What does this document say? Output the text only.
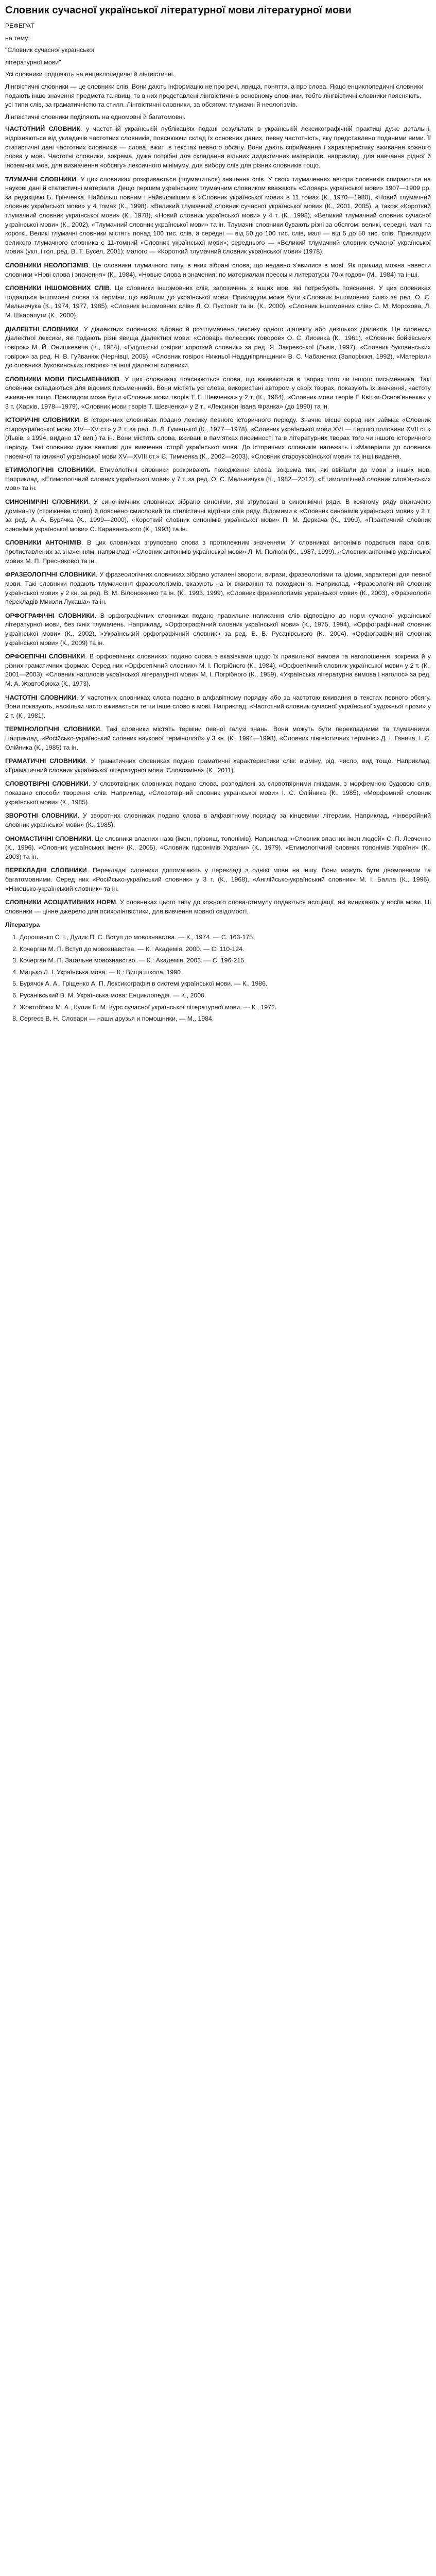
Словник сучасної української літературної мови літературної мови
РЕФЕРАТ
на тему:
"Словник сучасної української
літературної мови"

Усі словники поділяють на енциклопедичні й лінгвістичні.

Лінгвістичні словники — це словники слів. Вони дають інформацію не про речі, явища, поняття, а про слова. Якщо енциклопедичні словники подають інше значення предмета та явищ, то в них представлені лінгвістичні в основному словники, тобто лінгвістичні словники поясняють, усі типи слів, за граматичністю та стиля. Лінгвістичні словники, за обсягом: тлумачні й неологізмів.

Лінгвістичні словники поділяють на одномовні й багатомовні.

ЧАСТОТНИЙ СЛОВНИК: у частотній українській публікаціях подані результати в українській лексикографічній практиці дуже детальні, відрізняються від укладачів частотних словників, пояснюючи склад їх основних даних, певну частотність, яку представлено поданими ними. Її статистичні дані частотних словників — слова, вжиті в текстах певного обсягу. Вони дають сприймання і характеристику вживання кожного слова у мові. Частотні словники, зокрема, дуже потрібні для складання вільних дидактичних матеріалів, наприклад, для навчання рідної й іноземних мов, для визначення «обсягу» лексичного мінімуму, для вибору слів для різних словників тощо.

ТЛУМАЧНІ СЛОВНИКИ. У цих словниках розкривається (тлумачиться) значення слів. У своїх тлумаченнях автори словників спираються на наукові дані й статистичні матеріали. Дещо першим українським тлумачним словником вважають «Словарь української мови» 1907—1909 рр. за редакцією Б. Грінченка. Найбільш повним і найвідомішим є «Словник української мови» в 11 томах (К., 1970—1980), «Новий тлумачний словник української мови» у 4 томах (К., 1998). «Великий тлумачний словник сучасної української мови» (К., 2001, 2005), а також «Короткий тлумачний словник української мови» (К., 1978), «Новий словник української мови» у 4 т. (К., 1998), «Великий тлумачний словник сучасної української мови» (К., 2002), «Тлумачний словник української мови» та ін. Тлумачні словники бувають різні за обсягом: великі, середні, малі та короткі. Великі тлумачні словники містять понад 100 тис. слів, а середні — від 50 до 100 тис. слів, малі — від 5 до 50 тис. слів. Прикладом великого тлумачного словника є 11-томний «Словник української мови»; середнього — «Великий тлумачний словник сучасної української мови» (укл. і гол. ред. В. Т. Бусел, 2001); малого — «Короткий тлумачний словник української мови» (1978).

СЛОВНИКИ НЕОЛОГІЗМІВ. Це словники тлумачного типу, в яких зібрані слова, що недавно з'явилися в мові. Як приклад можна навести словники «Нові слова і значення» (К., 1984), «Новые слова и значения: по материалам прессы и литературы 70-х годов» (М., 1984) та інші.

СЛОВНИКИ ІНШОМОВНИХ СЛІВ. Це словники іншомовних слів, запозичень з інших мов, які потребують пояснення. У цих словниках подаються іншомовні слова та терміни, що ввійшли до української мови. Прикладом може бути «Словник іншомовних слів» за ред. О. С. Мельничука (К., 1974, 1977, 1985), «Словник іншомовних слів» Л. О. Пустовіт та ін. (К., 2000), «Словник іншомовних слів» С. М. Морозова, Л. М. Шкарапути (К., 2000).

ДІАЛЕКТНІ СЛОВНИКИ. У діалектних словниках зібрано й розтлумачено лексику одного діалекту або декількох діалектів. Це словники діалектної лексики, які подають різні явища діалектної мови: «Словарь полесских говоров» О. С. Лисенка (К., 1961), «Словник бойківських говірок» М. Й. Онишкевича (К., 1984), «Гуцульські говірки: короткий словник» за ред. Я. Закревської (Львів, 1997), «Словник буковинських говірок» за ред. Н. В. Гуйванюк (Чернівці, 2005), «Словник говірок Нижньої Наддніпрянщини» В. С. Чабаненка (Запоріжжя, 1992), «Матеріали до словника буковинських говірок» та інші діалектні словники.

СЛОВНИКИ МОВИ ПИСЬМЕННИКІВ. У цих словниках пояснюються слова, що вживаються в творах того чи іншого письменника. Такі словники складаються для відомих письменників. Вони містять усі слова, використані автором у своїх творах, показують їх значення, частоту вживання тощо. Прикладом може бути «Словник мови творів Т. Г. Шевченка» у 2 т. (К., 1964), «Словник мови творів Г. Квітки-Основ'яненка» у 3 т. (Харків, 1978—1979), «Словник мови творів Т. Шевченка» у 2 т., «Лексикон Івана Франка» (до 1990) та ін.

ІСТОРИЧНІ СЛОВНИКИ. В історичних словниках подано лексику певного історичного періоду. Значне місце серед них займає «Словник староукраїнської мови XIV—XV ст.» у 2 т. за ред. Л. Л. Гумецької (К., 1977—1978), «Словник української мови XVI — першої половини XVII ст.» (Львів, з 1994, видано 17 вип.) та ін. Вони містять слова, вживані в пам'ятках писемності та в літературних творах того чи іншого історичного періоду. Такі словники дуже важливі для вивчення історії української мови. До історичних словників належать і «Матеріали до словника писемної та книжної української мови XV—XVIII ст.» Є. Тимченка (К., 2002—2003), «Словник староукраїнської мови» та інші видання.

ЕТИМОЛОГІЧНІ СЛОВНИКИ. Етимологічні словники розкривають походження слова, зокрема тих, які ввійшли до мови з інших мов. Наприклад, «Етимологічний словник української мови» у 7 т. за ред. О. С. Мельничука (К., 1982—2012), «Етимологічний словник слов'янських мов» та ін.

СИНОНІМІЧНІ СЛОВНИКИ. У синонімічних словниках зібрано синоніми, які згруповані в синонімічні ряди. В кожному ряду визначено домінанту (стрижневе слово) й пояснено смисловий та стилістичні відтінки слів ряду. Відомими є «Словник синонімів української мови» у 2 т. за ред. А. А. Бурячка (К., 1999—2000), «Короткий словник синонімів української мови» П. М. Деркача (К., 1960), «Практичний словник синонімів української мови» С. Караванського (К., 1993) та ін.

СЛОВНИКИ АНТОНІМІВ. В цих словниках згруповано слова з протилежним значенням. У словниках антонімів подається пара слів, протиставлених за значенням, наприклад: «Словник антонімів української мови» Л. М. Полюги (К., 1987, 1999), «Словник антонімів української мови» М. П. Преснякової та ін.

ФРАЗЕОЛОГІЧНІ СЛОВНИКИ. У фразеологічних словниках зібрано усталені звороти, вирази, фразеологізми та ідіоми, характерні для певної мови. Такі словники подають тлумачення фразеологізмів, вказують на їх вживання та походження. Наприклад, «Фразеологічний словник української мови» у 2 кн. за ред. В. М. Білоноженко та ін. (К., 1993, 1999), «Словник фразеологізмів української мови» (К., 2003), «Фразеологія перекладів Миколи Лукаша» та ін.

ОРФОГРАФІЧНІ СЛОВНИКИ. В орфографічних словниках подано правильне написання слів відповідно до норм сучасної української літературної мови, без їхніх тлумачень. Наприклад, «Орфографічний словник української мови» (К., 1975, 1994), «Орфографічний словник української мови» (К., 2002), «Український орфографічний словник» за ред. В. В. Русанівського (К., 2004), «Орфографічний словник української мови» (К., 2009) та ін.

ОРФОЕПІЧНІ СЛОВНИКИ. В орфоепічних словниках подано слова з вказівками щодо їх правильної вимови та наголошення, зокрема й у різних граматичних формах. Серед них «Орфоепічний словник» М. І. Погрібного (К., 1984), «Орфоепічний словник української мови» у 2 т. (К., 2001—2003), «Словник наголосів української літературної мови» М. І. Погрібного (К., 1959), «Українська літературна вимова і наголос» за ред. М. А. Жовтобрюха (К., 1973).

ЧАСТОТНІ СЛОВНИКИ. У частотних словниках слова подано в алфавітному порядку або за частотою вживання в текстах певного обсягу. Вони показують, наскільки часто вживається те чи інше слово в мові. Наприклад, «Частотний словник сучасної української художньої прози» у 2 т. (К., 1981).

ТЕРМІНОЛОГІЧНІ СЛОВНИКИ. Такі словники містять терміни певної галузі знань. Вони можуть бути перекладними та тлумачними. Наприклад, «Російсько-український словник наукової термінології» у 3 кн. (К., 1994—1998), «Словник лінгвістичних термінів» Д. І. Ганича, І. С. Олійника (К., 1985) та ін.

ГРАМАТИЧНІ СЛОВНИКИ. У граматичних словниках подано граматичні характеристики слів: відміну, рід, число, вид тощо. Наприклад, «Граматичний словник української літературної мови. Словозміна» (К., 2011).

СЛОВОТВІРНІ СЛОВНИКИ. У словотвірних словниках подано слова, розподілені за словотвірними гніздами, з морфемною будовою слів, показано способи творення слів. Наприклад, «Словотвірний словник української мови» І. С. Олійника (К., 1985), «Морфемний словник української мови» (К., 1985).

ЗВОРОТНІ СЛОВНИКИ. У зворотних словниках подано слова в алфавітному порядку за кінцевими літерами. Наприклад, «Інверсійний словник української мови» (К., 1985).

ОНОМАСТИЧНІ СЛОВНИКИ. Це словники власних назв (імен, прізвищ, топонімів). Наприклад, «Словник власних імен людей» С. П. Левченко (К., 1996), «Словник українських імен» (К., 2005), «Словник гідронімів України» (К., 1979), «Етимологічний словник топонімів України» (К., 2003) та ін.

ПЕРЕКЛАДНІ СЛОВНИКИ. Перекладні словники допомагають у перекладі з однієї мови на іншу. Вони можуть бути двомовними та багатомовними. Серед них «Російсько-український словник» у 3 т. (К., 1968), «Англійсько-український словник» М. І. Балла (К., 1996), «Німецько-український словник» та ін.

СЛОВНИКИ АСОЦІАТИВНИХ НОРМ. У словниках цього типу до кожного слова-стимулу подаються асоціації, які виникають у носіїв мови. Ці словники — цінне джерело для психолінгвістики, для вивчення мовної свідомості.

Література
1. Дорошенко С. І., Дудик П. С. Вступ до мовознавства. — К., 1974. — С. 163-175.
2. Кочерган М. П. Вступ до мовознавства. — К.: Академія, 2000. — С. 110-124.
3. Кочерган М. П. Загальне мовознавство. — К.: Академія, 2003. — С. 196-215.
4. Мацько Л. І. Українська мова. — К.: Вища школа, 1990.
5. Бурячок А. А., Гріщенко А. П. Лексикографія в системі української мови. — К., 1986.
6. Русанівський В. М. Українська мова: Енциклопедія. — К., 2000.
7. Жовтобрюх М. А., Кулик Б. М. Курс сучасної української літературної мови. — К., 1972.
8. Сергеєв В. Н. Словари — наши друзья и помощники. — М., 1984.
